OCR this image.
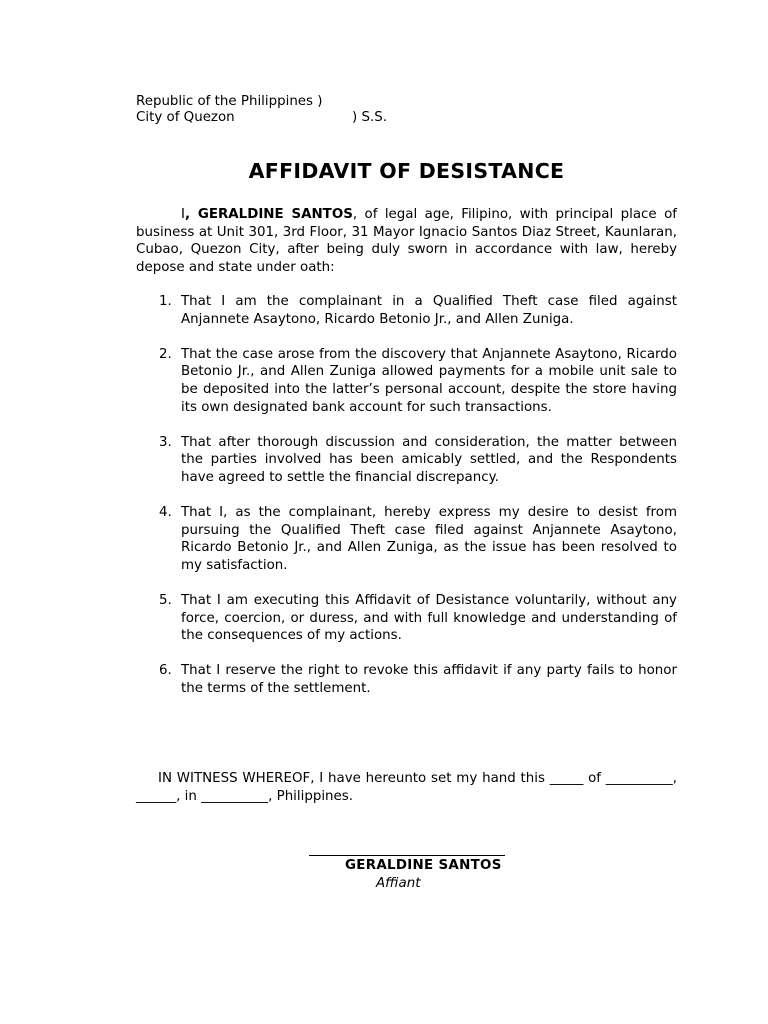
Republic of the Philippines )
City of Quezon	) S.S.
AFFIDAVIT OF DESISTANCE

I, GERALDINE SANTOS, of legal age, Filipino, with principal place of business at Unit 301, 3rd Floor, 31 Mayor Ignacio Santos Diaz Street, Kaunlaran, Cubao, Quezon City, after being duly sworn in accordance with law, hereby depose and state under oath:

1. That I am the complainant in a Qualified Theft case filed against Anjannete Asaytono, Ricardo Betonio Jr., and Allen Zuniga.
2. That the case arose from the discovery that Anjannete Asaytono, Ricardo Betonio Jr., and Allen Zuniga allowed payments for a mobile unit sale to be deposited into the latter’s personal account, despite the store having its own designated bank account for such transactions.
3. That after thorough discussion and consideration, the matter between the parties involved has been amicably settled, and the Respondents have agreed to settle the financial discrepancy.
4. That I, as the complainant, hereby express my desire to desist from pursuing the Qualified Theft case filed against Anjannete Asaytono, Ricardo Betonio Jr., and Allen Zuniga, as the issue has been resolved to my satisfaction.
5. That I am executing this Affidavit of Desistance voluntarily, without any force, coercion, or duress, and with full knowledge and understanding of the consequences of my actions.
6. That I reserve the right to revoke this affidavit if any party fails to honor the terms of the settlement.

IN WITNESS WHEREOF, I have hereunto set my hand this _____ of __________, ______, in __________, Philippines.

GERALDINE SANTOS
Affiant
